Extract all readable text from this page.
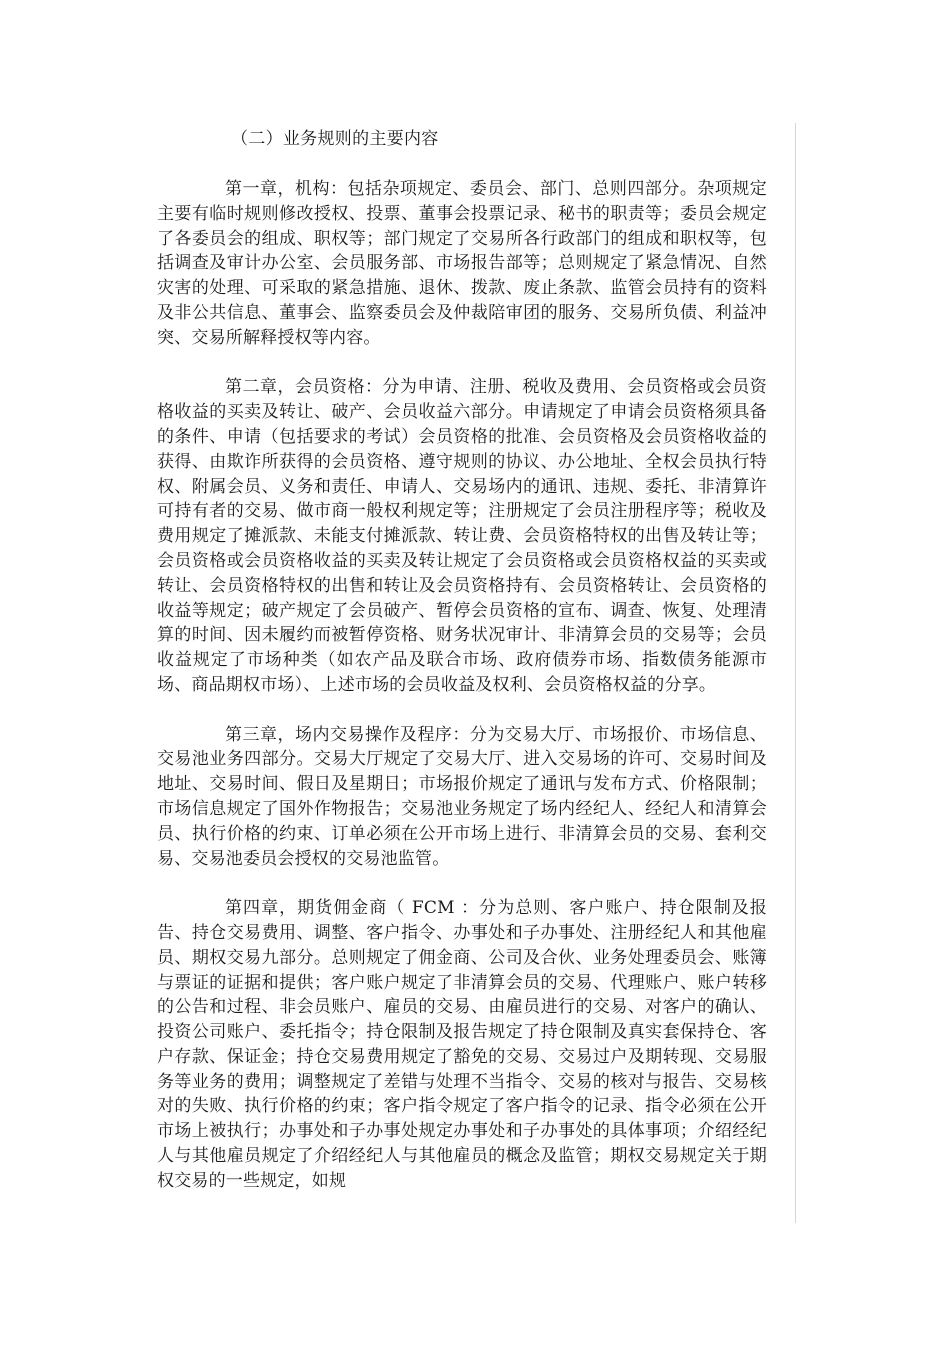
（二）业务规则的主要内容

第一章，机构：包括杂项规定、委员会、部门、总则四部分。杂项规定主要有临时规则修改授权、投票、董事会投票记录、秘书的职责等；委员会规定了各委员会的组成、职权等；部门规定了交易所各行政部门的组成和职权等，包括调查及审计办公室、会员服务部、市场报告部等；总则规定了紧急情况、自然灾害的处理、可采取的紧急措施、退休、拨款、废止条款、监管会员持有的资料及非公共信息、董事会、监察委员会及仲裁陪审团的服务、交易所负债、利益冲突、交易所解释授权等内容。

第二章，会员资格：分为申请、注册、税收及费用、会员资格或会员资格收益的买卖及转让、破产、会员收益六部分。申请规定了申请会员资格须具备的条件、申请（包括要求的考试）会员资格的批准、会员资格及会员资格收益的获得、由欺诈所获得的会员资格、遵守规则的协议、办公地址、全权会员执行特权、附属会员、义务和责任、申请人、交易场内的通讯、违规、委托、非清算许可持有者的交易、做市商一般权利规定等；注册规定了会员注册程序等；税收及费用规定了摊派款、未能支付摊派款、转让费、会员资格特权的出售及转让等；会员资格或会员资格收益的买卖及转让规定了会员资格或会员资格权益的买卖或转让、会员资格特权的出售和转让及会员资格持有、会员资格转让、会员资格的收益等规定；破产规定了会员破产、暂停会员资格的宣布、调查、恢复、处理清算的时间、因未履约而被暂停资格、财务状况审计、非清算会员的交易等；会员收益规定了市场种类（如农产品及联合市场、政府债券市场、指数债务能源市场、商品期权市场）、上述市场的会员收益及权利、会员资格权益的分享。

第三章，场内交易操作及程序：分为交易大厅、市场报价、市场信息、交易池业务四部分。交易大厅规定了交易大厅、进入交易场的许可、交易时间及地址、交易时间、假日及星期日；市场报价规定了通讯与发布方式、价格限制；市场信息规定了国外作物报告；交易池业务规定了场内经纪人、经纪人和清算会员、执行价格的约束、订单必须在公开市场上进行、非清算会员的交易、套利交易、交易池委员会授权的交易池监管。

第四章，期货佣金商（ FCM ：分为总则、客户账户、持仓限制及报告、持仓交易费用、调整、客户指令、办事处和子办事处、注册经纪人和其他雇员、期权交易九部分。总则规定了佣金商、公司及合伙、业务处理委员会、账簿与票证的证据和提供；客户账户规定了非清算会员的交易、代理账户、账户转移的公告和过程、非会员账户、雇员的交易、由雇员进行的交易、对客户的确认、投资公司账户、委托指令；持仓限制及报告规定了持仓限制及真实套保持仓、客户存款、保证金；持仓交易费用规定了豁免的交易、交易过户及期转现、交易服务等业务的费用；调整规定了差错与处理不当指令、交易的核对与报告、交易核对的失败、执行价格的约束；客户指令规定了客户指令的记录、指令必须在公开市场上被执行；办事处和子办事处规定办事处和子办事处的具体事项；介绍经纪人与其他雇员规定了介绍经纪人与其他雇员的概念及监管；期权交易规定关于期权交易的一些规定，如规
